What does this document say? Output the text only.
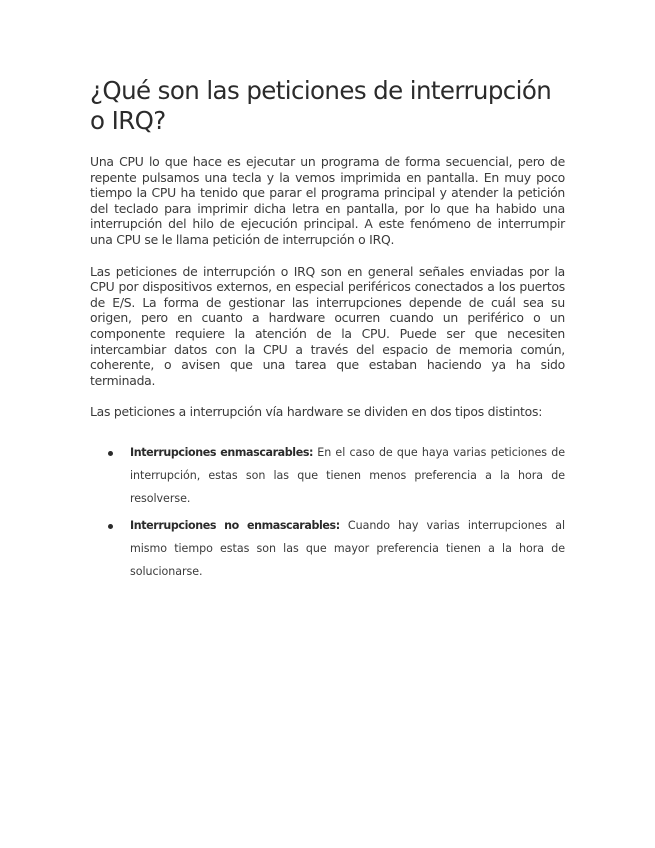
¿Qué son las peticiones de interrupción o IRQ?

Una CPU lo que hace es ejecutar un programa de forma secuencial, pero de repente pulsamos una tecla y la vemos imprimida en pantalla. En muy poco tiempo la CPU ha tenido que parar el programa principal y atender la petición del teclado para imprimir dicha letra en pantalla, por lo que ha habido una interrupción del hilo de ejecución principal. A este fenómeno de interrumpir una CPU se le llama petición de interrupción o IRQ.

Las peticiones de interrupción o IRQ son en general señales enviadas por la CPU por dispositivos externos, en especial periféricos conectados a los puertos de E/S. La forma de gestionar las interrupciones depende de cuál sea su origen, pero en cuanto a hardware ocurren cuando un periférico o un componente requiere la atención de la CPU. Puede ser que necesiten intercambiar datos con la CPU a través del espacio de memoria común, coherente, o avisen que una tarea que estaban haciendo ya ha sido terminada.

Las peticiones a interrupción vía hardware se dividen en dos tipos distintos:

Interrupciones enmascarables: En el caso de que haya varias peticiones de interrupción, estas son las que tienen menos preferencia a la hora de resolverse.
Interrupciones no enmascarables: Cuando hay varias interrupciones al mismo tiempo estas son las que mayor preferencia tienen a la hora de solucionarse.
